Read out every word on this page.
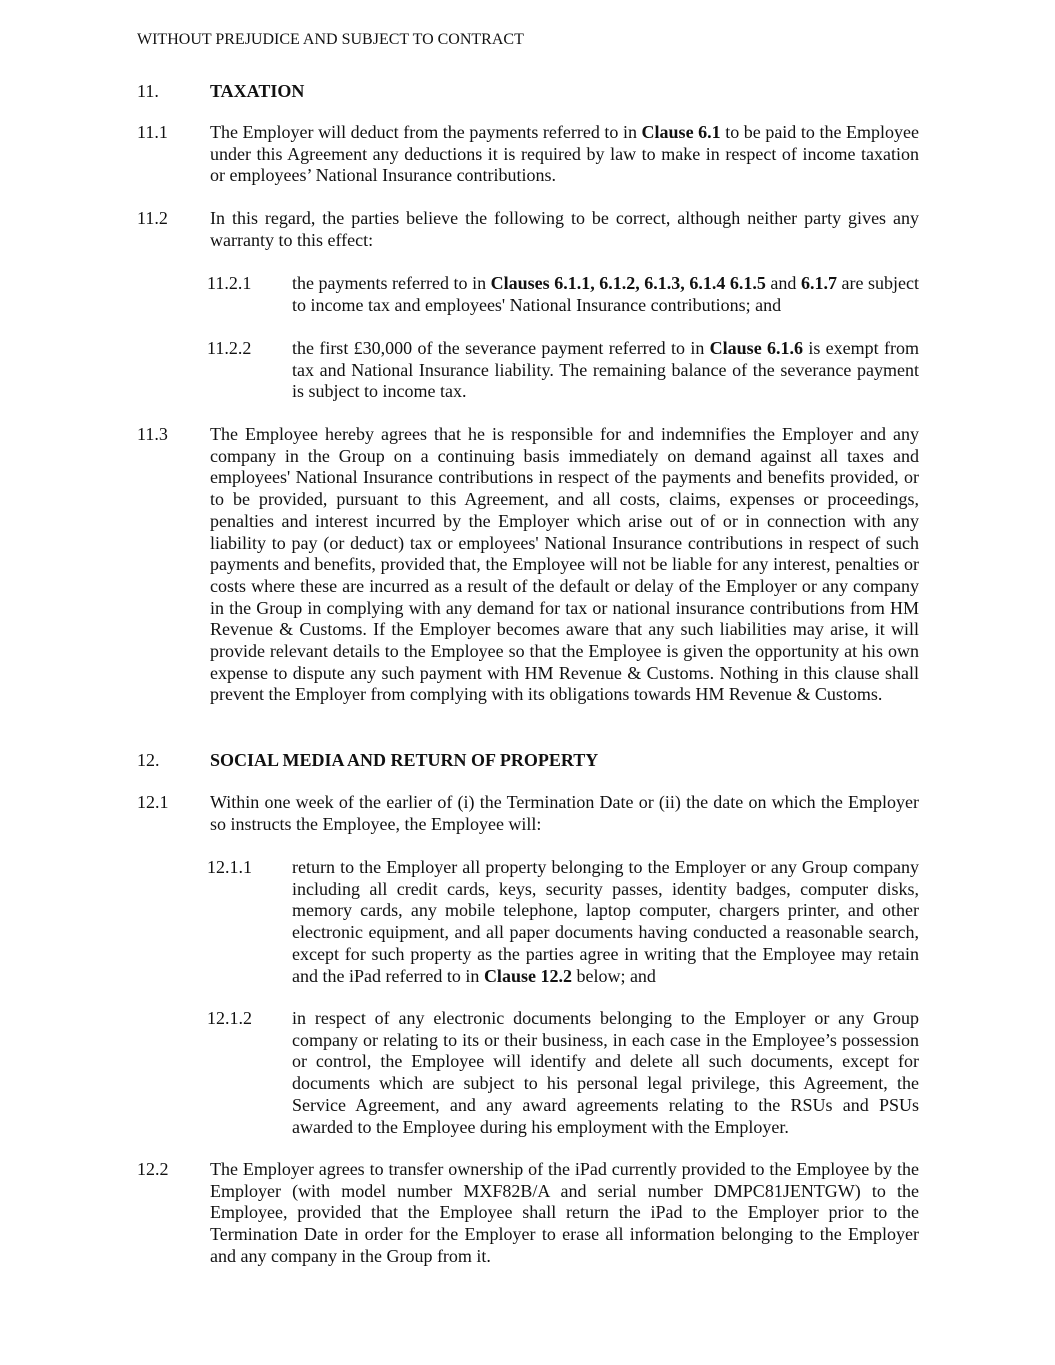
WITHOUT PREJUDICE AND SUBJECT TO CONTRACT
11.	TAXATION
11.1 The Employer will deduct from the payments referred to in Clause 6.1 to be paid to the Employee under this Agreement any deductions it is required by law to make in respect of income taxation or employees’ National Insurance contributions.
11.2 In this regard, the parties believe the following to be correct, although neither party gives any warranty to this effect:
11.2.1 the payments referred to in Clauses 6.1.1, 6.1.2, 6.1.3, 6.1.4 6.1.5 and 6.1.7 are subject to income tax and employees' National Insurance contributions; and
11.2.2 the first £30,000 of the severance payment referred to in Clause 6.1.6 is exempt from tax and National Insurance liability. The remaining balance of the severance payment is subject to income tax.
11.3 The Employee hereby agrees that he is responsible for and indemnifies the Employer and any company in the Group on a continuing basis immediately on demand against all taxes and employees' National Insurance contributions in respect of the payments and benefits provided, or to be provided, pursuant to this Agreement, and all costs, claims, expenses or proceedings, penalties and interest incurred by the Employer which arise out of or in connection with any liability to pay (or deduct) tax or employees' National Insurance contributions in respect of such payments and benefits, provided that, the Employee will not be liable for any interest, penalties or costs where these are incurred as a result of the default or delay of the Employer or any company in the Group in complying with any demand for tax or national insurance contributions from HM Revenue & Customs. If the Employer becomes aware that any such liabilities may arise, it will provide relevant details to the Employee so that the Employee is given the opportunity at his own expense to dispute any such payment with HM Revenue & Customs. Nothing in this clause shall prevent the Employer from complying with its obligations towards HM Revenue & Customs.
12.	SOCIAL MEDIA AND RETURN OF PROPERTY
12.1 Within one week of the earlier of (i) the Termination Date or (ii) the date on which the Employer so instructs the Employee, the Employee will:
12.1.1 return to the Employer all property belonging to the Employer or any Group company including all credit cards, keys, security passes, identity badges, computer disks, memory cards, any mobile telephone, laptop computer, chargers printer, and other electronic equipment, and all paper documents having conducted a reasonable search, except for such property as the parties agree in writing that the Employee may retain and the iPad referred to in Clause 12.2 below; and
12.1.2 in respect of any electronic documents belonging to the Employer or any Group company or relating to its or their business, in each case in the Employee’s possession or control, the Employee will identify and delete all such documents, except for documents which are subject to his personal legal privilege, this Agreement, the Service Agreement, and any award agreements relating to the RSUs and PSUs awarded to the Employee during his employment with the Employer.
12.2 The Employer agrees to transfer ownership of the iPad currently provided to the Employee by the Employer (with model number MXF82B/A and serial number DMPC81JENTGW) to the Employee, provided that the Employee shall return the iPad to the Employer prior to the Termination Date in order for the Employer to erase all information belonging to the Employer and any company in the Group from it.
